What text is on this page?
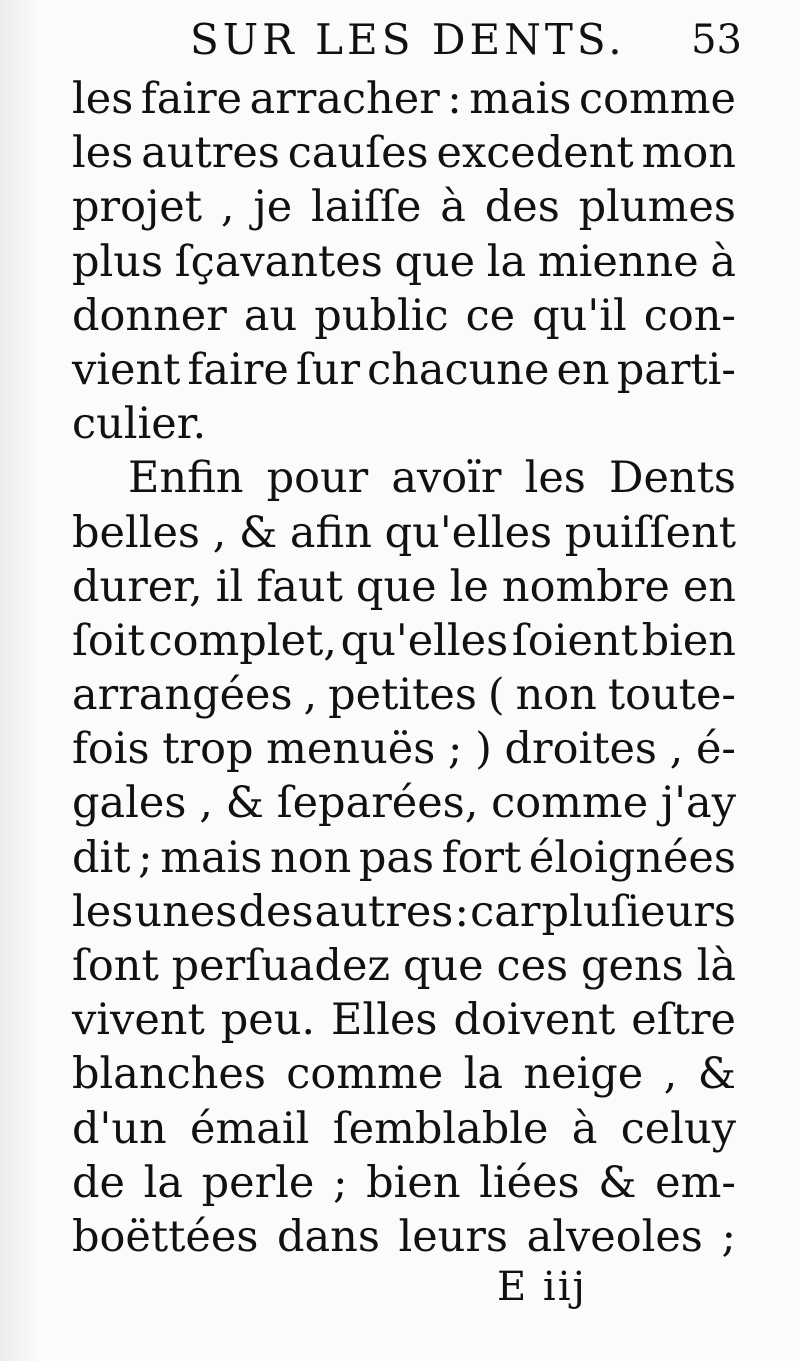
SUR LES DENTS. 53
les faire arracher : mais comme
les autres cauſes excedent mon
projet , je laiſſe à des plumes
plus ſçavantes que la mienne à
donner au public ce qu'il con-
vient faire ſur chacune en parti-
culier.
Enfin pour avoïr les Dents
belles , & afin qu'elles puiſſent
durer, il faut que le nombre en
ſoit complet, qu'elles ſoient bien
arrangées , petites ( non toute-
fois trop menuës ; ) droites , é-
gales , & ſeparées, comme j'ay
dit ; mais non pas fort éloignées
les unes des autres : car pluſieurs
ſont perſuadez que ces gens là
vivent peu. Elles doivent eſtre
blanches comme la neige , &
d'un émail ſemblable à celuy
de la perle ; bien liées & em-
boëttées dans leurs alveoles ;
E iij
